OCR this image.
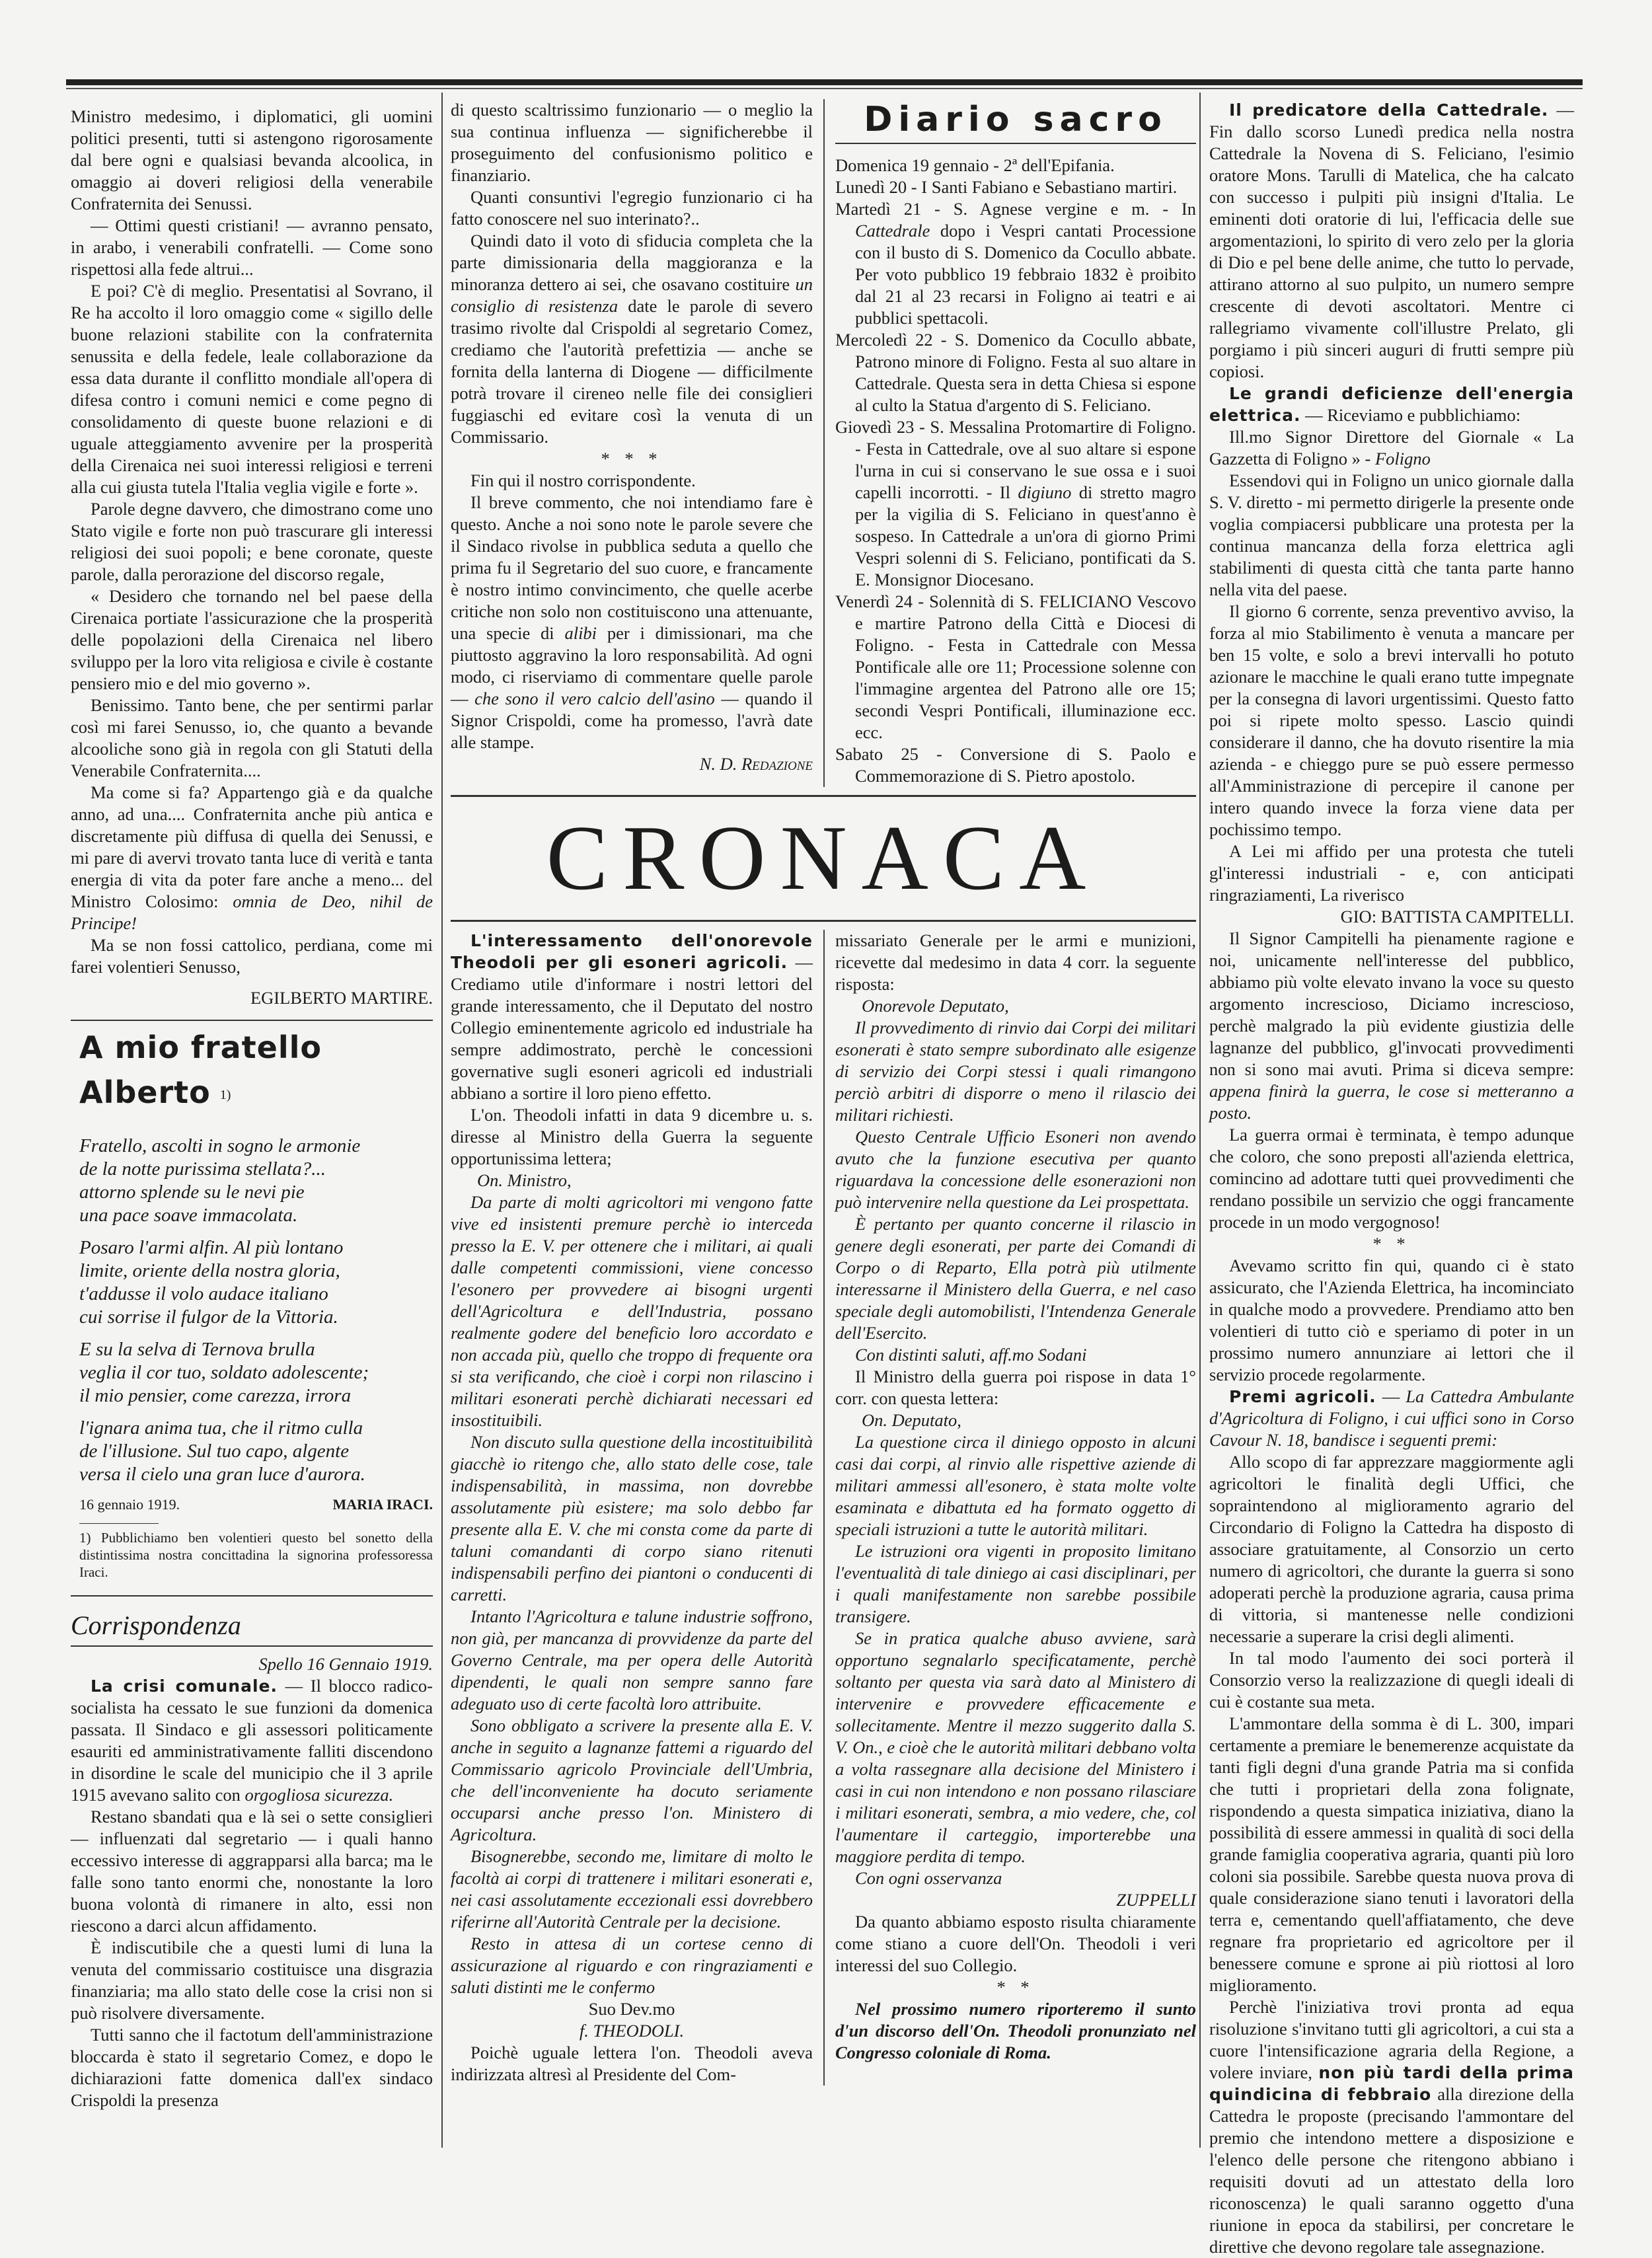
Ministro medesimo, i diplomatici, gli uomini politici presenti, tutti si astengono rigorosamente dal bere ogni e qualsiasi bevanda alcoolica, in omaggio ai doveri religiosi della venerabile Confraternita dei Senussi.

— Ottimi questi cristiani! — avranno pensato, in arabo, i venerabili confratelli. — Come sono rispettosi alla fede altrui...

E poi? C'è di meglio. Presentatisi al Sovrano, il Re ha accolto il loro omaggio come « sigillo delle buone relazioni stabilite con la confraternita senussita e della fedele, leale collaborazione da essa data durante il conflitto mondiale all'opera di difesa contro i comuni nemici e come pegno di consolidamento di queste buone relazioni e di uguale atteggiamento avvenire per la prosperità della Cirenaica nei suoi interessi religiosi e terreni alla cui giusta tutela l'Italia veglia vigile e forte ».

Parole degne davvero, che dimostrano come uno Stato vigile e forte non può trascurare gli interessi religiosi dei suoi popoli; e bene coronate, queste parole, dalla perorazione del discorso regale,

« Desidero che tornando nel bel paese della Cirenaica portiate l'assicurazione che la prosperità delle popolazioni della Cirenaica nel libero sviluppo per la loro vita religiosa e civile è costante pensiero mio e del mio governo ».

Benissimo. Tanto bene, che per sentirmi parlar così mi farei Senusso, io, che quanto a bevande alcooliche sono già in regola con gli Statuti della Venerabile Confraternita....

Ma come si fa? Appartengo già e da qualche anno, ad una.... Confraternita anche più antica e discretamente più diffusa di quella dei Senussi, e mi pare di avervi trovato tanta luce di verità e tanta energia di vita da poter fare anche a meno... del Ministro Colosimo: omnia de Deo, nihil de Principe!

Ma se non fossi cattolico, perdiana, come mi farei volentieri Senusso,

EGILBERTO MARTIRE.

A mio fratello Alberto $^{1)}$

Fratello, ascolti in sogno le armonie

de la notte purissima stellata?...

attorno splende su le nevi pie

una pace soave immacolata.

Posaro l'armi alfin. Al più lontano

limite, oriente della nostra gloria,

t'addusse il volo audace italiano

cui sorrise il fulgor de la Vittoria.

E su la selva di Ternova brulla

veglia il cor tuo, soldato adolescente;

il mio pensier, come carezza, irrora

l'ignara anima tua, che il ritmo culla

de l'illusione. Sul tuo capo, algente

versa il cielo una gran luce d'aurora.

16 gennaio 1919.	MARIA IRACI.
1) Pubblichiamo ben volentieri questo bel sonetto della distintissima nostra concittadina la signorina professoressa Iraci.
Corrispondenza

Spello 16 Gennaio 1919.

La crisi comunale. — Il blocco radico-socialista ha cessato le sue funzioni da domenica passata. Il Sindaco e gli assessori politicamente esauriti ed amministrativamente falliti discendono in disordine le scale del municipio che il 3 aprile 1915 avevano salito con orgogliosa sicurezza.

Restano sbandati qua e là sei o sette consiglieri — influenzati dal segretario — i quali hanno eccessivo interesse di aggrapparsi alla barca; ma le falle sono tanto enormi che, nonostante la loro buona volontà di rimanere in alto, essi non riescono a darci alcun affidamento.

È indiscutibile che a questi lumi di luna la venuta del commissario costituisce una disgrazia finanziaria; ma allo stato delle cose la crisi non si può risolvere diversamente.

Tutti sanno che il factotum dell'amministrazione bloccarda è stato il segretario Comez, e dopo le dichiarazioni fatte domenica dall'ex sindaco Crispoldi la presenza

di questo scaltrissimo funzionario — o meglio la sua continua influenza — significherebbe il proseguimento del confusionismo politico e finanziario.

Quanti consuntivi l'egregio funzionario ci ha fatto conoscere nel suo interinato?..

Quindi dato il voto di sfiducia completa che la parte dimissionaria della maggioranza e la minoranza dettero ai sei, che osavano costituire un consiglio di resistenza date le parole di severo trasimo rivolte dal Crispoldi al segretario Comez, crediamo che l'autorità prefettizia — anche se fornita della lanterna di Diogene — difficilmente potrà trovare il cireneo nelle file dei consiglieri fuggiaschi ed evitare così la venuta di un Commissario.

* * *

Fin qui il nostro corrispondente.

Il breve commento, che noi intendiamo fare è questo. Anche a noi sono note le parole severe che il Sindaco rivolse in pubblica seduta a quello che prima fu il Segretario del suo cuore, e francamente è nostro intimo convincimento, che quelle acerbe critiche non solo non costituiscono una attenuante, una specie di alibi per i dimissionari, ma che piuttosto aggravino la loro responsabilità. Ad ogni modo, ci riserviamo di commentare quelle parole — che sono il vero calcio dell'asino — quando il Signor Crispoldi, come ha promesso, l'avrà date alle stampe.

N. D. Redazione

Diario sacro

Domenica 19 gennaio - 2ª dell'Epifania.

Lunedì 20 - I Santi Fabiano e Sebastiano martiri.

Martedì 21 - S. Agnese vergine e m. - In Cattedrale dopo i Vespri cantati Processione con il busto di S. Domenico da Cocullo abbate. Per voto pubblico 19 febbraio 1832 è proibito dal 21 al 23 recarsi in Foligno ai teatri e ai pubblici spettacoli.

Mercoledì 22 - S. Domenico da Cocullo abbate, Patrono minore di Foligno. Festa al suo altare in Cattedrale. Questa sera in detta Chiesa si espone al culto la Statua d'argento di S. Feliciano.

Giovedì 23 - S. Messalina Protomartire di Foligno. - Festa in Cattedrale, ove al suo altare si espone l'urna in cui si conservano le sue ossa e i suoi capelli incorrotti. - Il digiuno di stretto magro per la vigilia di S. Feliciano in quest'anno è sospeso. In Cattedrale a un'ora di giorno Primi Vespri solenni di S. Feliciano, pontificati da S. E. Monsignor Diocesano.

Venerdì 24 - Solennità di S. FELICIANO Vescovo e martire Patrono della Città e Diocesi di Foligno. - Festa in Cattedrale con Messa Pontificale alle ore 11; Processione solenne con l'immagine argentea del Patrono alle ore 15; secondi Vespri Pontificali, illuminazione ecc. ecc.

Sabato 25 - Conversione di S. Paolo e Commemorazione di S. Pietro apostolo.

CRONACA

L'interessamento dell'onorevole Theodoli per gli esoneri agricoli. — Crediamo utile d'informare i nostri lettori del grande interessamento, che il Deputato del nostro Collegio eminentemente agricolo ed industriale ha sempre addimostrato, perchè le concessioni governative sugli esoneri agricoli ed industriali abbiano a sortire il loro pieno effetto.

L'on. Theodoli infatti in data 9 dicembre u. s. diresse al Ministro della Guerra la seguente opportunissima lettera;

On. Ministro,

Da parte di molti agricoltori mi vengono fatte vive ed insistenti premure perchè io interceda presso la E. V. per ottenere che i militari, ai quali dalle competenti commissioni, viene concesso l'esonero per provvedere ai bisogni urgenti dell'Agricoltura e dell'Industria, possano realmente godere del beneficio loro accordato e non accada più, quello che troppo di frequente ora si sta verificando, che cioè i corpi non rilascino i militari esonerati perchè dichiarati necessari ed insostituibili.

Non discuto sulla questione della incostituibilità giacchè io ritengo che, allo stato delle cose, tale indispensabilità, in massima, non dovrebbe assolutamente più esistere; ma solo debbo far presente alla E. V. che mi consta come da parte di taluni comandanti di corpo siano ritenuti indispensabili perfino dei piantoni o conducenti di carretti.

Intanto l'Agricoltura e talune industrie soffrono, non già, per mancanza di provvidenze da parte del Governo Centrale, ma per opera delle Autorità dipendenti, le quali non sempre sanno fare adeguato uso di certe facoltà loro attribuite.

Sono obbligato a scrivere la presente alla E. V. anche in seguito a lagnanze fattemi a riguardo del Commissario agricolo Provinciale dell'Umbria, che dell'inconveniente ha docuto seriamente occuparsi anche presso l'on. Ministero di Agricoltura.

Bisognerebbe, secondo me, limitare di molto le facoltà ai corpi di trattenere i militari esonerati e, nei casi assolutamente eccezionali essi dovrebbero riferirne all'Autorità Centrale per la decisione.

Resto in attesa di un cortese cenno di assicurazione al riguardo e con ringraziamenti e saluti distinti me le confermo

Suo Dev.mo

f. THEODOLI.

Poichè uguale lettera l'on. Theodoli aveva indirizzata altresì al Presidente del Com-

missariato Generale per le armi e munizioni, ricevette dal medesimo in data 4 corr. la seguente risposta:

Onorevole Deputato,

Il provvedimento di rinvio dai Corpi dei militari esonerati è stato sempre subordinato alle esigenze di servizio dei Corpi stessi i quali rimangono perciò arbitri di disporre o meno il rilascio dei militari richiesti.

Questo Centrale Ufficio Esoneri non avendo avuto che la funzione esecutiva per quanto riguardava la concessione delle esonerazioni non può intervenire nella questione da Lei prospettata.

È pertanto per quanto concerne il rilascio in genere degli esonerati, per parte dei Comandi di Corpo o di Reparto, Ella potrà più utilmente interessarne il Ministero della Guerra, e nel caso speciale degli automobilisti, l'Intendenza Generale dell'Esercito.

Con distinti saluti, aff.mo Sodani

Il Ministro della guerra poi rispose in data 1° corr. con questa lettera:

On. Deputato,

La questione circa il diniego opposto in alcuni casi dai corpi, al rinvio alle rispettive aziende di militari ammessi all'esonero, è stata molte volte esaminata e dibattuta ed ha formato oggetto di speciali istruzioni a tutte le autorità militari.

Le istruzioni ora vigenti in proposito limitano l'eventualità di tale diniego ai casi disciplinari, per i quali manifestamente non sarebbe possibile transigere.

Se in pratica qualche abuso avviene, sarà opportuno segnalarlo specificatamente, perchè soltanto per questa via sarà dato al Ministero di intervenire e provvedere efficacemente e sollecitamente. Mentre il mezzo suggerito dalla S. V. On., e cioè che le autorità militari debbano volta a volta rassegnare alla decisione del Ministero i casi in cui non intendono e non possano rilasciare i militari esonerati, sembra, a mio vedere, che, col l'aumentare il carteggio, importerebbe una maggiore perdita di tempo.

Con ogni osservanza

ZUPPELLI

Da quanto abbiamo esposto risulta chiaramente come stiano a cuore dell'On. Theodoli i veri interessi del suo Collegio.

* *

Nel prossimo numero riporteremo il sunto d'un discorso dell'On. Theodoli pronunziato nel Congresso coloniale di Roma.

Il predicatore della Cattedrale. — Fin dallo scorso Lunedì predica nella nostra Cattedrale la Novena di S. Feliciano, l'esimio oratore Mons. Tarulli di Matelica, che ha calcato con successo i pulpiti più insigni d'Italia. Le eminenti doti oratorie di lui, l'efficacia delle sue argomentazioni, lo spirito di vero zelo per la gloria di Dio e pel bene delle anime, che tutto lo pervade, attirano attorno al suo pulpito, un numero sempre crescente di devoti ascoltatori. Mentre ci rallegriamo vivamente coll'illustre Prelato, gli porgiamo i più sinceri auguri di frutti sempre più copiosi.

Le grandi deficienze dell'energia elettrica. — Riceviamo e pubblichiamo:

Ill.mo Signor Direttore del Giornale « La Gazzetta di Foligno » - Foligno

Essendovi qui in Foligno un unico giornale dalla S. V. diretto - mi permetto dirigerle la presente onde voglia compiacersi pubblicare una protesta per la continua mancanza della forza elettrica agli stabilimenti di questa città che tanta parte hanno nella vita del paese.

Il giorno 6 corrente, senza preventivo avviso, la forza al mio Stabilimento è venuta a mancare per ben 15 volte, e solo a brevi intervalli ho potuto azionare le macchine le quali erano tutte impegnate per la consegna di lavori urgentissimi. Questo fatto poi si ripete molto spesso. Lascio quindi considerare il danno, che ha dovuto risentire la mia azienda - e chieggo pure se può essere permesso all'Amministrazione di percepire il canone per intero quando invece la forza viene data per pochissimo tempo.

A Lei mi affido per una protesta che tuteli gl'interessi industriali - e, con anticipati ringraziamenti, La riverisco

GIO: BATTISTA CAMPITELLI.

Il Signor Campitelli ha pienamente ragione e noi, unicamente nell'interesse del pubblico, abbiamo più volte elevato invano la voce su questo argomento increscioso, Diciamo increscioso, perchè malgrado la più evidente giustizia delle lagnanze del pubblico, gl'invocati provvedimenti non si sono mai avuti. Prima si diceva sempre: appena finirà la guerra, le cose si metteranno a posto.

La guerra ormai è terminata, è tempo adunque che coloro, che sono preposti all'azienda elettrica, comincino ad adottare tutti quei provvedimenti che rendano possibile un servizio che oggi francamente procede in un modo vergognoso!

* *

Avevamo scritto fin qui, quando ci è stato assicurato, che l'Azienda Elettrica, ha incominciato in qualche modo a provvedere. Prendiamo atto ben volentieri di tutto ciò e speriamo di poter in un prossimo numero annunziare ai lettori che il servizio procede regolarmente.

Premi agricoli. — La Cattedra Ambulante d'Agricoltura di Foligno, i cui uffici sono in Corso Cavour N. 18, bandisce i seguenti premi:

Allo scopo di far apprezzare maggiormente agli agricoltori le finalità degli Uffici, che sopraintendono al miglioramento agrario del Circondario di Foligno la Cattedra ha disposto di associare gratuitamente, al Consorzio un certo numero di agricoltori, che durante la guerra si sono adoperati perchè la produzione agraria, causa prima di vittoria, si mantenesse nelle condizioni necessarie a superare la crisi degli alimenti.

In tal modo l'aumento dei soci porterà il Consorzio verso la realizzazione di quegli ideali di cui è costante sua meta.

L'ammontare della somma è di L. 300, impari certamente a premiare le benemerenze acquistate da tanti figli degni d'una grande Patria ma si confida che tutti i proprietari della zona folignate, rispondendo a questa simpatica iniziativa, diano la possibilità di essere ammessi in qualità di soci della grande famiglia cooperativa agraria, quanti più loro coloni sia possibile. Sarebbe questa nuova prova di quale considerazione siano tenuti i lavoratori della terra e, cementando quell'affiatamento, che deve regnare fra proprietario ed agricoltore per il benessere comune e sprone ai più riottosi al loro miglioramento.

Perchè l'iniziativa trovi pronta ad equa risoluzione s'invitano tutti gli agricoltori, a cui sta a cuore l'intensificazione agraria della Regione, a volere inviare, non più tardi della prima quindicina di febbraio alla direzione della Cattedra le proposte (precisando l'ammontare del premio che intendono mettere a disposizione e l'elenco delle persone che ritengono abbiano i requisiti dovuti ad un attestato della loro riconoscenza) le quali saranno oggetto d'una riunione in epoca da stabilirsi, per concretare le direttive che devono regolare tale assegnazione.
